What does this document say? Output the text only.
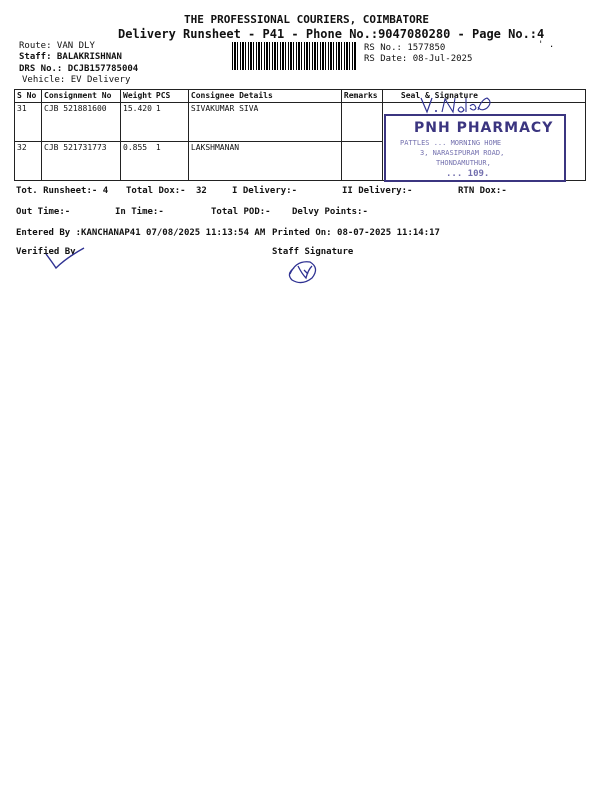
THE PROFESSIONAL COURIERS, COIMBATORE
Delivery Runsheet - P41 - Phone No.:9047080280 - Page No.:4
Route: VAN DLY
Staff: BALAKRISHNAN
DRS No.: DCJB157785004
Vehicle: EV Delivery
RS No.: 1577850
RS Date: 08-Jul-2025
' .
S No	Consignment No	Weight	PCS	Consignee Details	Remarks	Seal & Signature
31	CJB 521881600	15.420	1	SIVAKUMAR SIVA		
32	CJB 521731773	0.855	1	LAKSHMANAN		
PNH PHARMACY
PATTLES ... MORNING HOME
3, NARASIPURAM ROAD,
THONDAMUTHUR,
... 109.
Tot. Runsheet:- 4 Total Dox:- 32	I Delivery:-	II Delivery:-	RTN Dox:-
Out Time:-	In Time:-	Total POD:- Delvy Points:-
Entered By :KANCHANAP41 07/08/2025 11:13:54 AM Printed On: 08-07-2025 11:14:17
Verified By	Staff Signature
